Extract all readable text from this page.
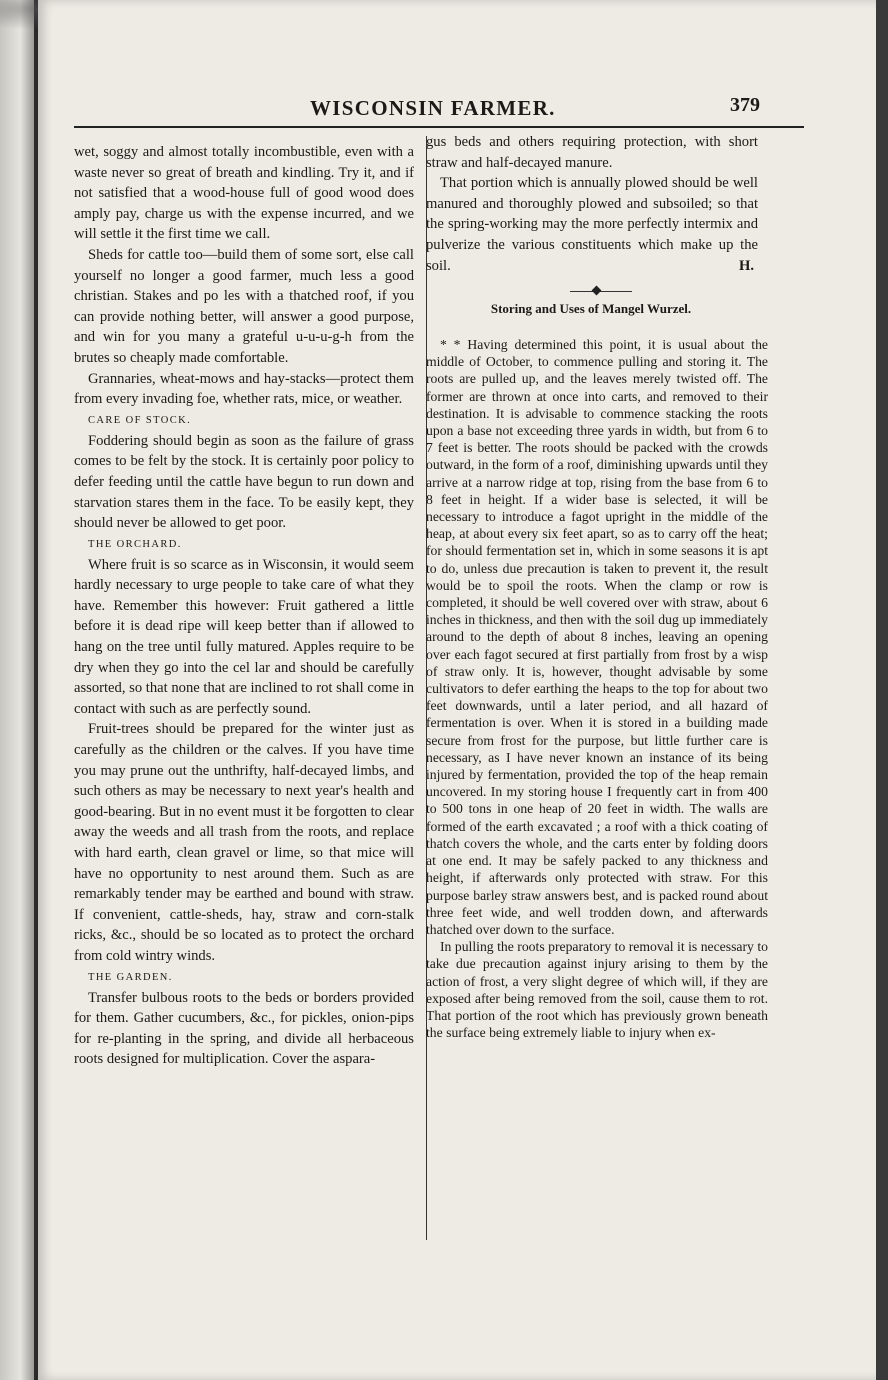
WISCONSIN FARMER.	379

wet, soggy and almost totally incombustible, even with a waste never so great of breath and kindling. Try it, and if not satisfied that a wood-house full of good wood does amply pay, charge us with the expense incurred, and we will settle it the first time we call.

Sheds for cattle too—build them of some sort, else call yourself no longer a good farmer, much less a good christian. Stakes and po les with a thatched roof, if you can provide nothing better, will answer a good purpose, and win for you many a grateful u-u-u-g-h from the brutes so cheaply made comfortable.

Grannaries, wheat-mows and hay-stacks—protect them from every invading foe, whether rats, mice, or weather.

CARE OF STOCK.

Foddering should begin as soon as the failure of grass comes to be felt by the stock. It is certainly poor policy to defer feeding until the cattle have begun to run down and starvation stares them in the face. To be easily kept, they should never be allowed to get poor.

THE ORCHARD.

Where fruit is so scarce as in Wisconsin, it would seem hardly necessary to urge people to take care of what they have. Remember this however: Fruit gathered a little before it is dead ripe will keep better than if allowed to hang on the tree until fully matured. Apples require to be dry when they go into the cel lar and should be carefully assorted, so that none that are inclined to rot shall come in contact with such as are perfectly sound.

Fruit-trees should be prepared for the winter just as carefully as the children or the calves. If you have time you may prune out the unthrifty, half-decayed limbs, and such others as may be necessary to next year's health and good-bearing. But in no event must it be forgotten to clear away the weeds and all trash from the roots, and replace with hard earth, clean gravel or lime, so that mice will have no opportunity to nest around them. Such as are remarkably tender may be earthed and bound with straw. If convenient, cattle-sheds, hay, straw and corn-stalk ricks, &c., should be so located as to protect the orchard from cold wintry winds.

THE GARDEN.

Transfer bulbous roots to the beds or borders provided for them. Gather cucumbers, &c., for pickles, onion-pips for re-planting in the spring, and divide all herbaceous roots designed for multiplication. Cover the aspara-

gus beds and others requiring protection, with short straw and half-decayed manure.

That portion which is annually plowed should be well manured and thoroughly plowed and subsoiled; so that the spring-working may the more perfectly intermix and pulverize the various constituents which make up the soil.	H.

Storing and Uses of Mangel Wurzel.

* * Having determined this point, it is usual about the middle of October, to commence pulling and storing it. The roots are pulled up, and the leaves merely twisted off. The former are thrown at once into carts, and removed to their destination. It is advisable to commence stacking the roots upon a base not exceeding three yards in width, but from 6 to 7 feet is better. The roots should be packed with the crowds outward, in the form of a roof, diminishing upwards until they arrive at a narrow ridge at top, rising from the base from 6 to 8 feet in height. If a wider base is selected, it will be necessary to introduce a fagot upright in the middle of the heap, at about every six feet apart, so as to carry off the heat; for should fermentation set in, which in some seasons it is apt to do, unless due precaution is taken to prevent it, the result would be to spoil the roots. When the clamp or row is completed, it should be well covered over with straw, about 6 inches in thickness, and then with the soil dug up immediately around to the depth of about 8 inches, leaving an opening over each fagot secured at first partially from frost by a wisp of straw only. It is, however, thought advisable by some cultivators to defer earthing the heaps to the top for about two feet downwards, until a later period, and all hazard of fermentation is over. When it is stored in a building made secure from frost for the purpose, but little further care is necessary, as I have never known an instance of its being injured by fermentation, provided the top of the heap remain uncovered. In my storing house I frequently cart in from 400 to 500 tons in one heap of 20 feet in width. The walls are formed of the earth excavated ; a roof with a thick coating of thatch covers the whole, and the carts enter by folding doors at one end. It may be safely packed to any thickness and height, if afterwards only protected with straw. For this purpose barley straw answers best, and is packed round about three feet wide, and well trodden down, and afterwards thatched over down to the surface.

In pulling the roots preparatory to removal it is necessary to take due precaution against injury arising to them by the action of frost, a very slight degree of which will, if they are exposed after being removed from the soil, cause them to rot. That portion of the root which has previously grown beneath the surface being extremely liable to injury when ex-
